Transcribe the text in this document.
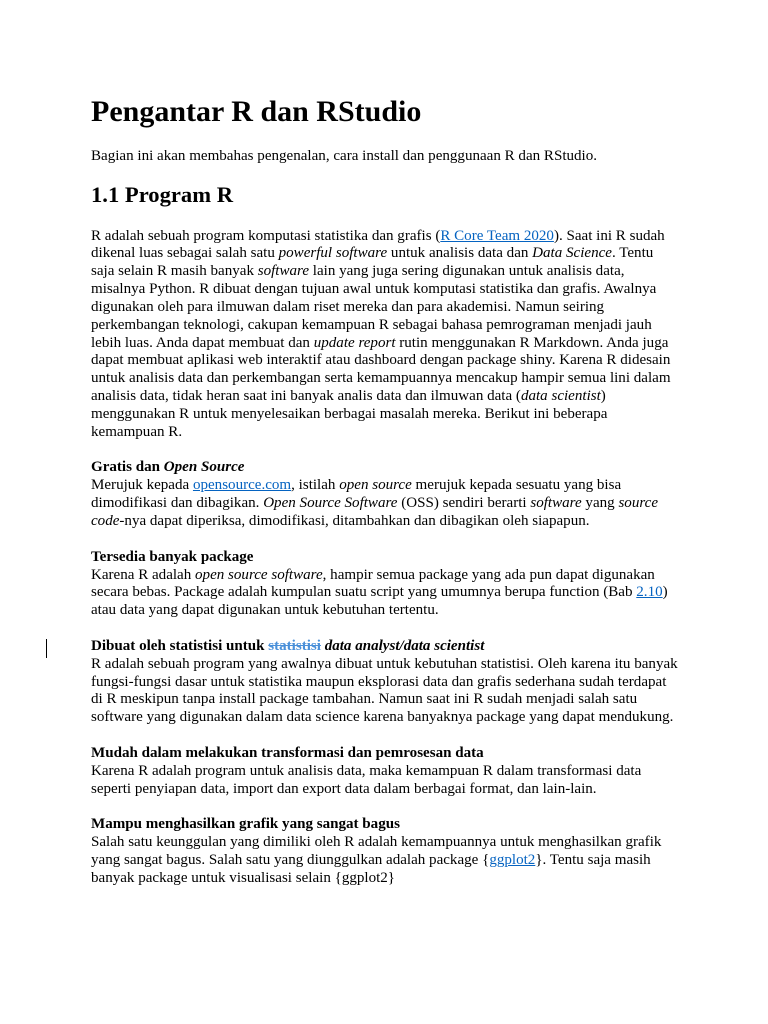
Pengantar R dan RStudio

Bagian ini akan membahas pengenalan, cara install dan penggunaan R dan RStudio.

1.1 Program R
R adalah sebuah program komputasi statistika dan grafis (R Core Team 2020). Saat ini R sudah
dikenal luas sebagai salah satu powerful software untuk analisis data dan Data Science. Tentu
saja selain R masih banyak software lain yang juga sering digunakan untuk analisis data,
misalnya Python. R dibuat dengan tujuan awal untuk komputasi statistika dan grafis. Awalnya
digunakan oleh para ilmuwan dalam riset mereka dan para akademisi. Namun seiring
perkembangan teknologi, cakupan kemampuan R sebagai bahasa pemrograman menjadi jauh
lebih luas. Anda dapat membuat dan update report rutin menggunakan R Markdown. Anda juga
dapat membuat aplikasi web interaktif atau dashboard dengan package shiny. Karena R didesain
untuk analisis data dan perkembangan serta kemampuannya mencakup hampir semua lini dalam
analisis data, tidak heran saat ini banyak analis data dan ilmuwan data (data scientist)
menggunakan R untuk menyelesaikan berbagai masalah mereka. Berikut ini beberapa
kemampuan R.
Gratis dan Open Source
Merujuk kepada opensource.com, istilah open source merujuk kepada sesuatu yang bisa
dimodifikasi dan dibagikan. Open Source Software (OSS) sendiri berarti software yang source
code-nya dapat diperiksa, dimodifikasi, ditambahkan dan dibagikan oleh siapapun.
Tersedia banyak package
Karena R adalah open source software, hampir semua package yang ada pun dapat digunakan
secara bebas. Package adalah kumpulan suatu script yang umumnya berupa function (Bab 2.10)
atau data yang dapat digunakan untuk kebutuhan tertentu.
Dibuat oleh statistisi untuk statistisi data analyst/data scientist
R adalah sebuah program yang awalnya dibuat untuk kebutuhan statistisi. Oleh karena itu banyak
fungsi-fungsi dasar untuk statistika maupun eksplorasi data dan grafis sederhana sudah terdapat
di R meskipun tanpa install package tambahan. Namun saat ini R sudah menjadi salah satu
software yang digunakan dalam data science karena banyaknya package yang dapat mendukung.
Mudah dalam melakukan transformasi dan pemrosesan data
Karena R adalah program untuk analisis data, maka kemampuan R dalam transformasi data
seperti penyiapan data, import dan export data dalam berbagai format, dan lain-lain.
Mampu menghasilkan grafik yang sangat bagus
Salah satu keunggulan yang dimiliki oleh R adalah kemampuannya untuk menghasilkan grafik
yang sangat bagus. Salah satu yang diunggulkan adalah package {ggplot2}. Tentu saja masih
banyak package untuk visualisasi selain {ggplot2}
